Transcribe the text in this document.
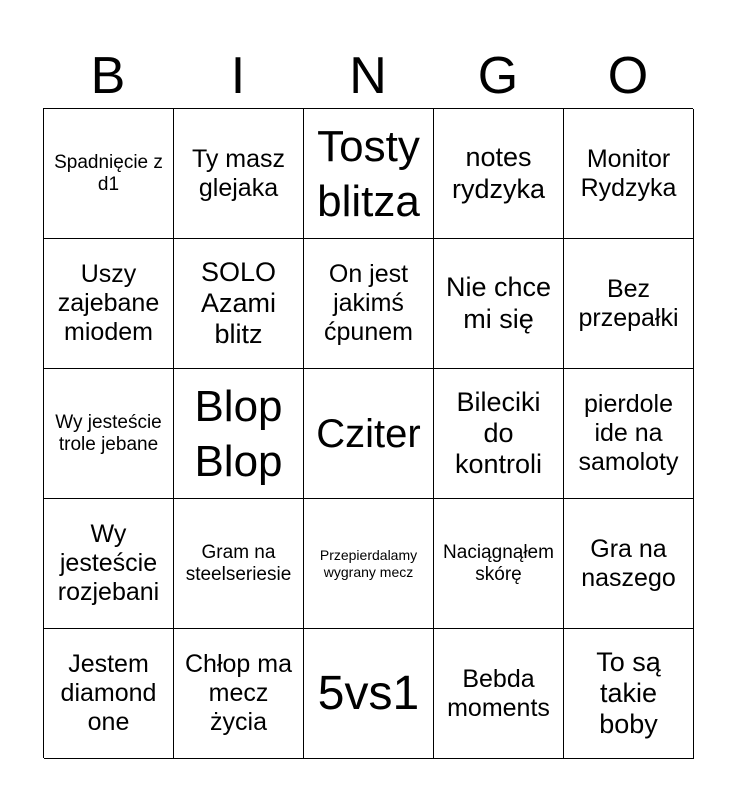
B	I	N	G	O
Spadnięcie z d1
Ty masz glejaka
Tosty blitza
notes rydzyka
Monitor Rydzyka
Uszy zajebane miodem
SOLO Azami blitz
On jest jakimś ćpunem
Nie chce mi się
Bez przepałki
Wy jesteście trole jebane
Blop Blop
Cziter
Bileciki do kontroli
pierdole ide na samoloty
Wy jesteście rozjebani
Gram na steelseriesie
Przepierdalamy wygrany mecz
Naciągnąłem skórę
Gra na naszego
Jestem diamond one
Chłop ma mecz życia
5vs1	Bebda moments
To są takie boby
